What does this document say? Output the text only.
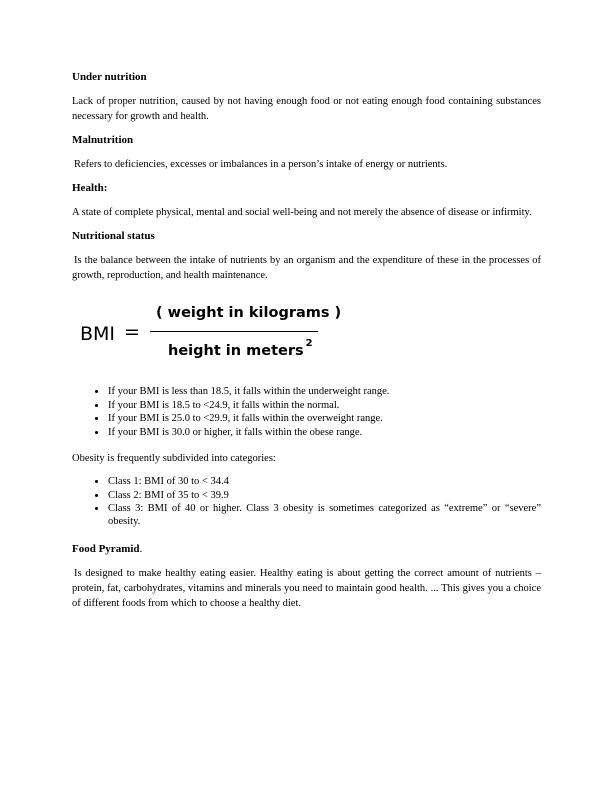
Under nutrition

Lack of proper nutrition, caused by not having enough food or not eating enough food containing substances necessary for growth and health.

Malnutrition

Refers to deficiencies, excesses or imbalances in a person’s intake of energy or nutrients.

Health:

A state of complete physical, mental and social well-being and not merely the absence of disease or infirmity.

Nutritional status

Is the balance between the intake of nutrients by an organism and the expenditure of these in the processes of growth, reproduction, and health maintenance.

BMI =
( weight in kilograms )
height in meters $^2$
• If your BMI is less than 18.5, it falls within the underweight range.
• If your BMI is 18.5 to <24.9, it falls within the normal.
• If your BMI is 25.0 to <29.9, it falls within the overweight range.
• If your BMI is 30.0 or higher, it falls within the obese range.

Obesity is frequently subdivided into categories:

• Class 1: BMI of 30 to < 34.4
• Class 2: BMI of 35 to < 39.9
• Class 3: BMI of 40 or higher. Class 3 obesity is sometimes categorized as “extreme” or “severe” obesity.
Food Pyramid.

Is designed to make healthy eating easier. Healthy eating is about getting the correct amount of nutrients – protein, fat, carbohydrates, vitamins and minerals you need to maintain good health. ... This gives you a choice of different foods from which to choose a healthy diet.
